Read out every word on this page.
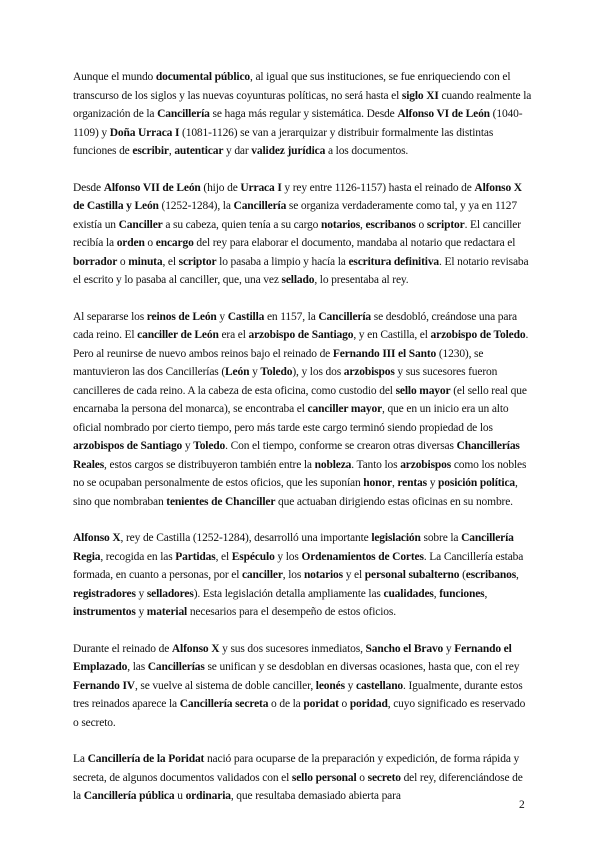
Aunque el mundo documental público, al igual que sus instituciones, se fue enriqueciendo con el transcurso de los siglos y las nuevas coyunturas políticas, no será hasta el siglo XI cuando realmente la organización de la Cancillería se haga más regular y sistemática. Desde Alfonso VI de León (1040-1109) y Doña Urraca I (1081-1126) se van a jerarquizar y distribuir formalmente las distintas funciones de escribir, autenticar y dar validez jurídica a los documentos.

Desde Alfonso VII de León (hijo de Urraca I y rey entre 1126-1157) hasta el reinado de Alfonso X de Castilla y León (1252-1284), la Cancillería se organiza verdaderamente como tal, y ya en 1127 existía un Canciller a su cabeza, quien tenía a su cargo notarios, escribanos o scriptor. El canciller recibía la orden o encargo del rey para elaborar el documento, mandaba al notario que redactara el borrador o minuta, el scriptor lo pasaba a limpio y hacía la escritura definitiva. El notario revisaba el escrito y lo pasaba al canciller, que, una vez sellado, lo presentaba al rey.

Al separarse los reinos de León y Castilla en 1157, la Cancillería se desdobló, creándose una para cada reino. El canciller de León era el arzobispo de Santiago, y en Castilla, el arzobispo de Toledo. Pero al reunirse de nuevo ambos reinos bajo el reinado de Fernando III el Santo (1230), se mantuvieron las dos Cancillerías (León y Toledo), y los dos arzobispos y sus sucesores fueron cancilleres de cada reino. A la cabeza de esta oficina, como custodio del sello mayor (el sello real que encarnaba la persona del monarca), se encontraba el canciller mayor, que en un inicio era un alto oficial nombrado por cierto tiempo, pero más tarde este cargo terminó siendo propiedad de los arzobispos de Santiago y Toledo. Con el tiempo, conforme se crearon otras diversas Chancillerías Reales, estos cargos se distribuyeron también entre la nobleza. Tanto los arzobispos como los nobles no se ocupaban personalmente de estos oficios, que les suponían honor, rentas y posición política, sino que nombraban tenientes de Chanciller que actuaban dirigiendo estas oficinas en su nombre.

Alfonso X, rey de Castilla (1252-1284), desarrolló una importante legislación sobre la Cancillería Regia, recogida en las Partidas, el Espéculo y los Ordenamientos de Cortes. La Cancillería estaba formada, en cuanto a personas, por el canciller, los notarios y el personal subalterno (escribanos, registradores y selladores). Esta legislación detalla ampliamente las cualidades, funciones, instrumentos y material necesarios para el desempeño de estos oficios.

Durante el reinado de Alfonso X y sus dos sucesores inmediatos, Sancho el Bravo y Fernando el Emplazado, las Cancillerías se unifican y se desdoblan en diversas ocasiones, hasta que, con el rey Fernando IV, se vuelve al sistema de doble canciller, leonés y castellano. Igualmente, durante estos tres reinados aparece la Cancillería secreta o de la poridat o poridad, cuyo significado es reservado o secreto.

La Cancillería de la Poridat nació para ocuparse de la preparación y expedición, de forma rápida y secreta, de algunos documentos validados con el sello personal o secreto del rey, diferenciándose de la Cancillería pública u ordinaria, que resultaba demasiado abierta para

2
